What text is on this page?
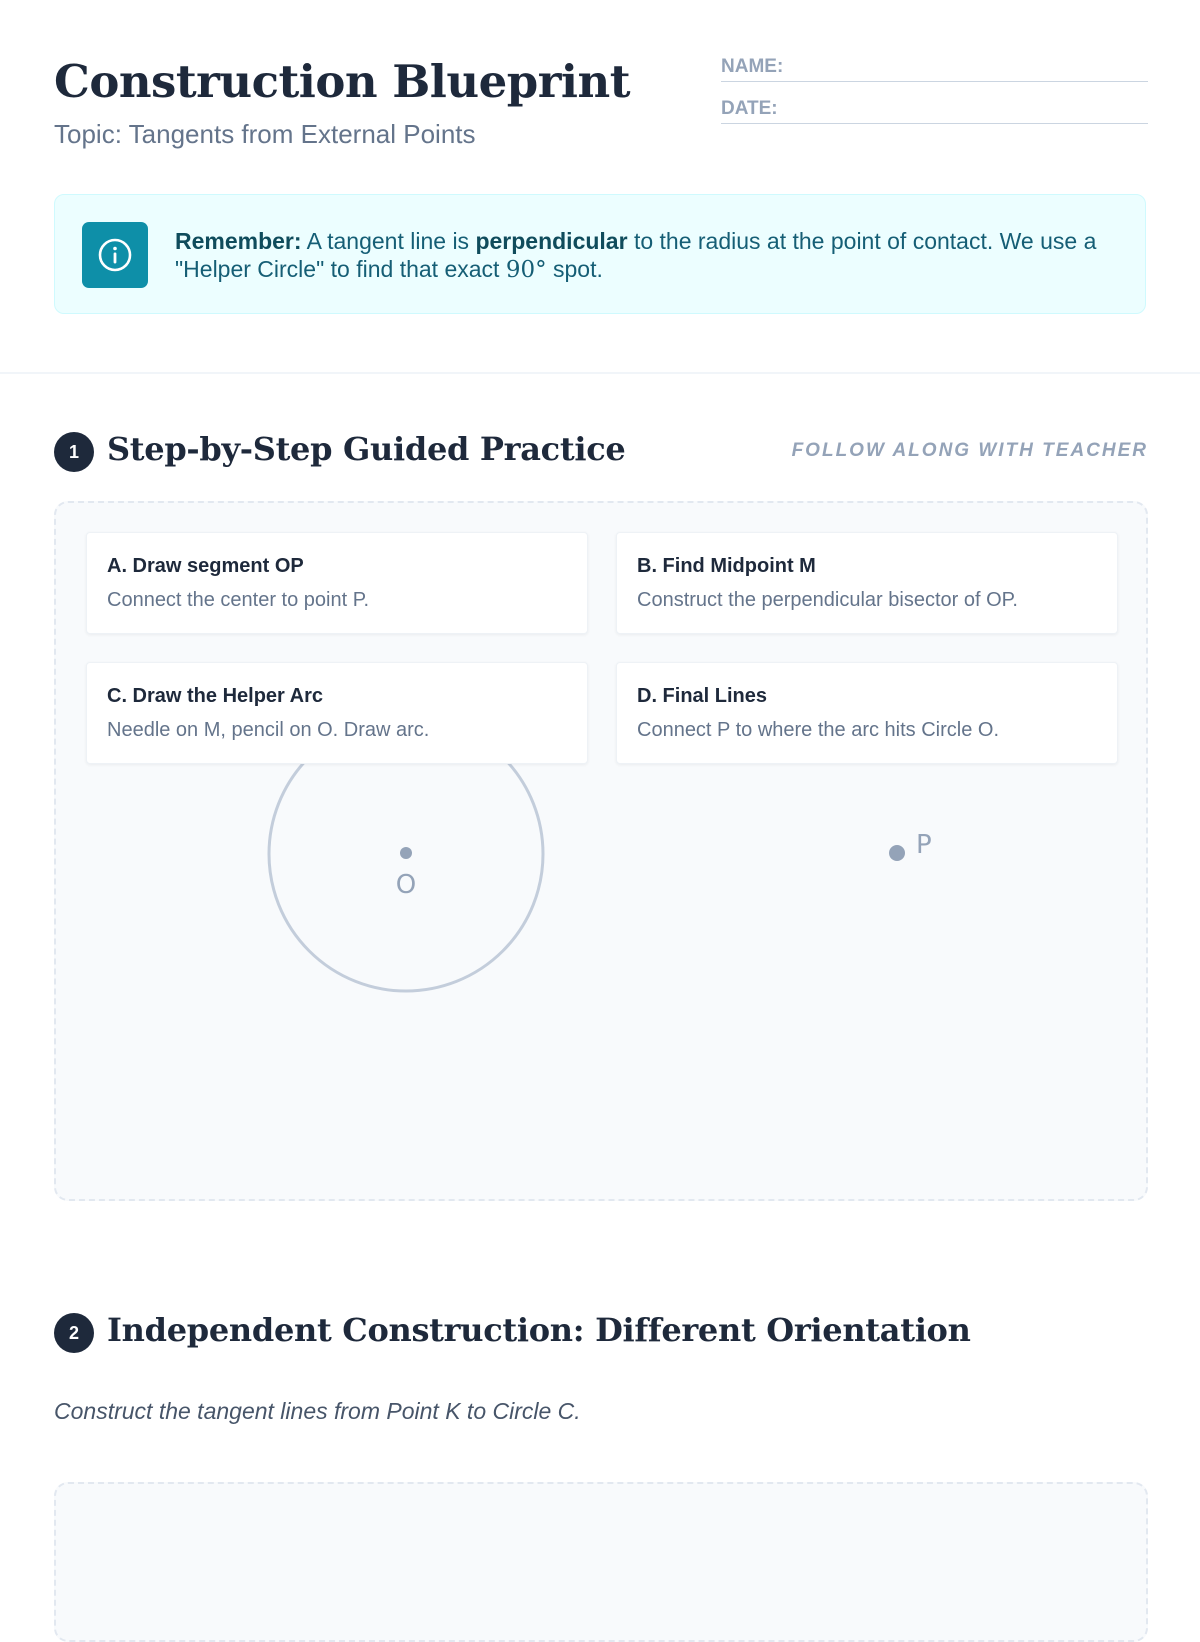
Construction Blueprint
Topic: Tangents from External Points
NAME:
DATE:
Remember: A tangent line is perpendicular to the radius at the point of contact. We use a "Helper Circle" to find that exact 90° spot.
1 Step-by-Step Guided Practice	FOLLOW ALONG WITH TEACHER
O
P
A. Draw segment OP
Connect the center to point P.
B. Find Midpoint M
Construct the perpendicular bisector of OP.
C. Draw the Helper Arc
Needle on M, pencil on O. Draw arc.
D. Final Lines
Connect P to where the arc hits Circle O.
2 Independent Construction: Different Orientation
Construct the tangent lines from Point K to Circle C.
